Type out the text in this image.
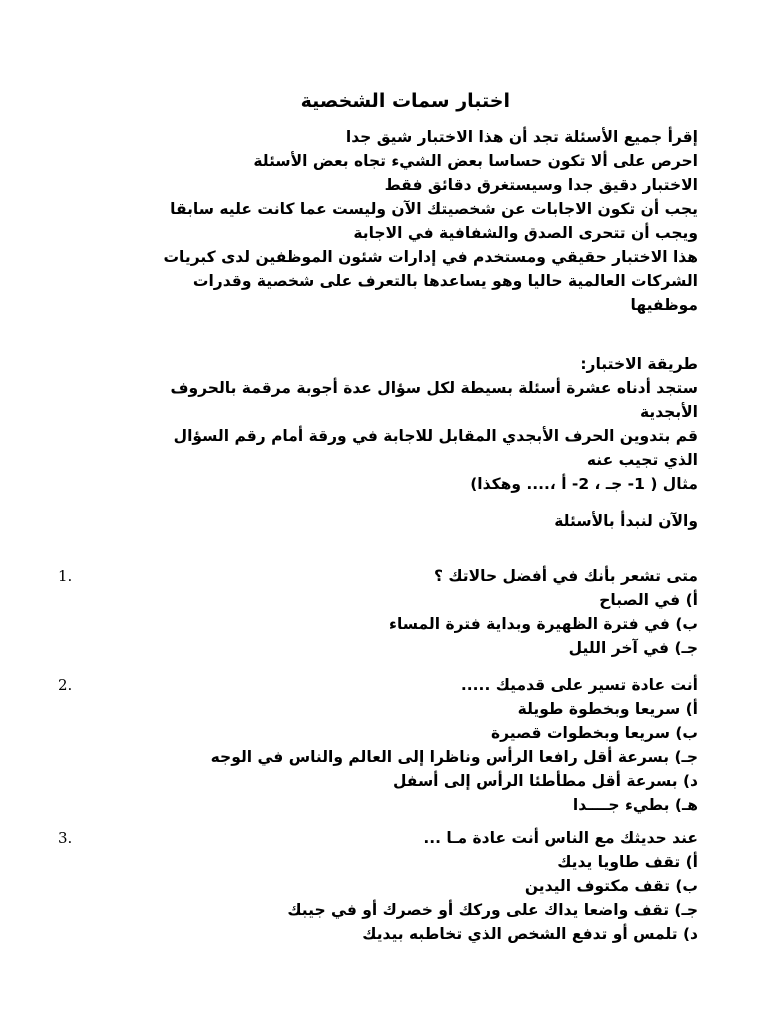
اختبار سمات الشخصية
إقرأ جميع الأسئلة تجد أن هذا الاختبار شيق جدا
احرص على ألا تكون حساسا بعض الشيء تجاه بعض الأسئلة
الاختبار دقيق جدا وسيستغرق دقائق فقط
يجب أن تكون الاجابات عن شخصيتك الآن وليست عما كانت عليه سابقا
ويجب أن تتحرى الصدق والشفافية في الاجابة
هذا الاختبار حقيقي ومستخدم في إدارات شئون الموظفين لدى كبريات
الشركات العالمية حاليا وهو يساعدها بالتعرف على شخصية وقدرات
موظفيها
طريقة الاختبار:
ستجد أدناه عشرة أسئلة بسيطة لكل سؤال عدة أجوبة مرقمة بالحروف
الأبجدية
قم بتدوين الحرف الأبجدي المقابل للاجابة في ورقة أمام رقم السؤال
الذي تجيب عنه
مثال ( 1- جـ ، 2- أ ،.... وهكذا)
والآن لنبدأ بالأسئلة
1.	متى تشعر بأنك في أفضل حالاتك ؟
أ) في الصباح
ب) في فترة الظهيرة وبداية فترة المساء
جـ) في آخر الليل
2.	أنت عادة تسير على قدميك .....
أ) سريعا وبخطوة طويلة
ب) سريعا وبخطوات قصيرة
جـ) بسرعة أقل رافعا الرأس وناظرا إلى العالم والناس في الوجه
د) بسرعة أقل مطأطئا الرأس إلى أسفل
هـ) بطيء جــــدا
3.	عند حديثك مع الناس أنت عادة مـا ...
أ) تقف طاويا يديك
ب) تقف مكتوف اليدين
جـ) تقف واضعا يداك على وركك أو خصرك أو في جيبك
د) تلمس أو تدفع الشخص الذي تخاطبه بيديك
